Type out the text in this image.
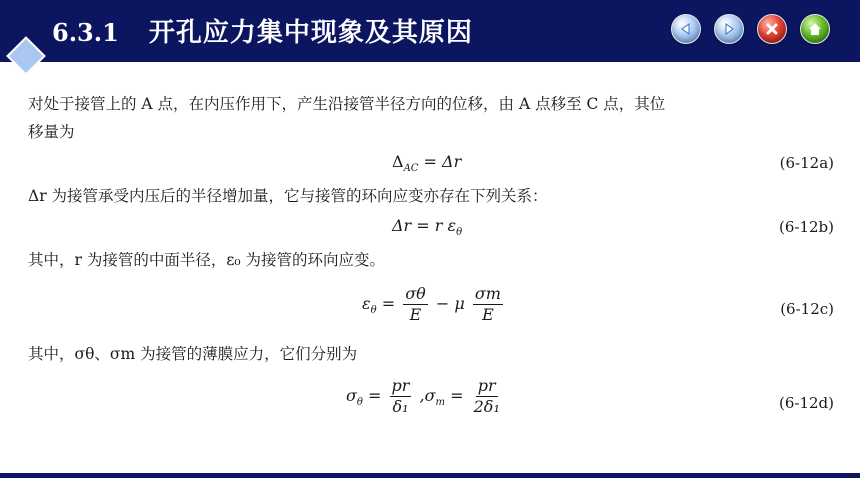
6.3.1 开孔应力集中现象及其原因
对处于接管上的 A 点，在内压作用下，产生沿接管半径方向的位移，由 A 点移至 C 点，其位
移量为
$\Delta_{AC} = \Delta r$	(6-12a)
Δr 为接管承受内压后的半径增加量，它与接管的环向应变亦存在下列关系：
Δr = r $\varepsilon_\theta$	(6-12b)
其中，r 为接管的中面半径，ε₀ 为接管的环向应变。
$\varepsilon_\theta = \frac{\sigma\theta}{E} - \mu \frac{\sigma m}{E}$	(6-12c)
其中，σθ、σm 为接管的薄膜应力，它们分别为
$\sigma_\theta = \frac{pr}{\text{δ₁}} ,\sigma_m = \frac{pr}{\text{2δ₁}}$	(6-12d)
